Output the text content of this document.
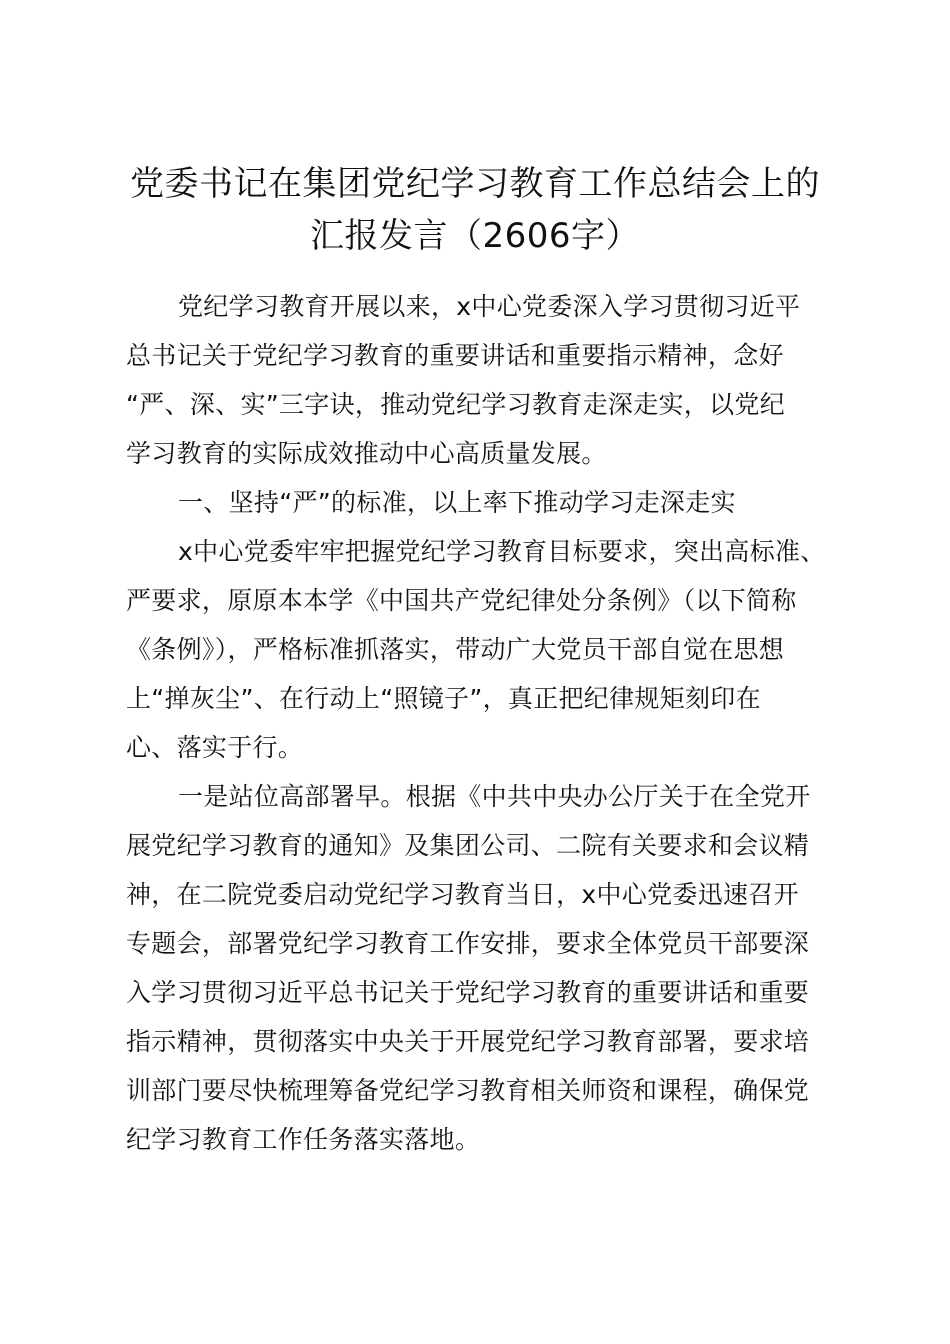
党委书记在集团党纪学习教育工作总结会上的
汇报发言（2606字）
党纪学习教育开展以来，x中心党委深入学习贯彻习近平
总书记关于党纪学习教育的重要讲话和重要指示精神，念好
“严、深、实”三字诀，推动党纪学习教育走深走实，以党纪
学习教育的实际成效推动中心高质量发展。
一、坚持“严”的标准，以上率下推动学习走深走实
x中心党委牢牢把握党纪学习教育目标要求，突出高标准、
严要求，原原本本学《中国共产党纪律处分条例》（以下简称
《条例》），严格标准抓落实，带动广大党员干部自觉在思想
上“掸灰尘”、在行动上“照镜子”，真正把纪律规矩刻印在
心、落实于行。
一是站位高部署早。根据《中共中央办公厅关于在全党开
展党纪学习教育的通知》及集团公司、二院有关要求和会议精
神，在二院党委启动党纪学习教育当日，x中心党委迅速召开
专题会，部署党纪学习教育工作安排，要求全体党员干部要深
入学习贯彻习近平总书记关于党纪学习教育的重要讲话和重要
指示精神，贯彻落实中央关于开展党纪学习教育部署，要求培
训部门要尽快梳理筹备党纪学习教育相关师资和课程，确保党
纪学习教育工作任务落实落地。
